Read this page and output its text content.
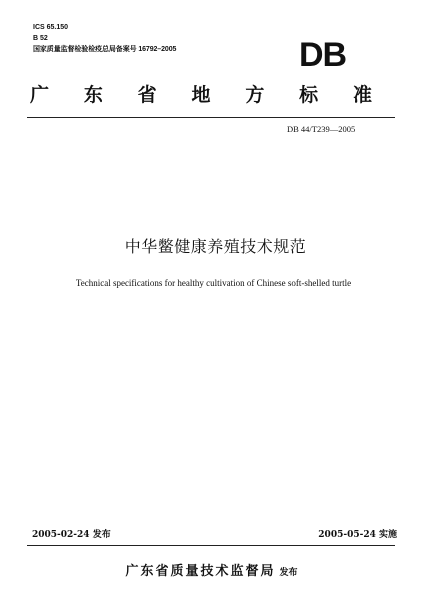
ICS 65.150
B 52
国家质量监督检验检疫总局备案号 16792–2005	DB
广 东 省 地 方 标 准
DB 44/T239—2005
中华鳖健康养殖技术规范
Technical specifications for healthy cultivation of Chinese soft-shelled turtle
2005-02-24 发布	2005-05-24 实施
广东省质量技术监督局 发布
